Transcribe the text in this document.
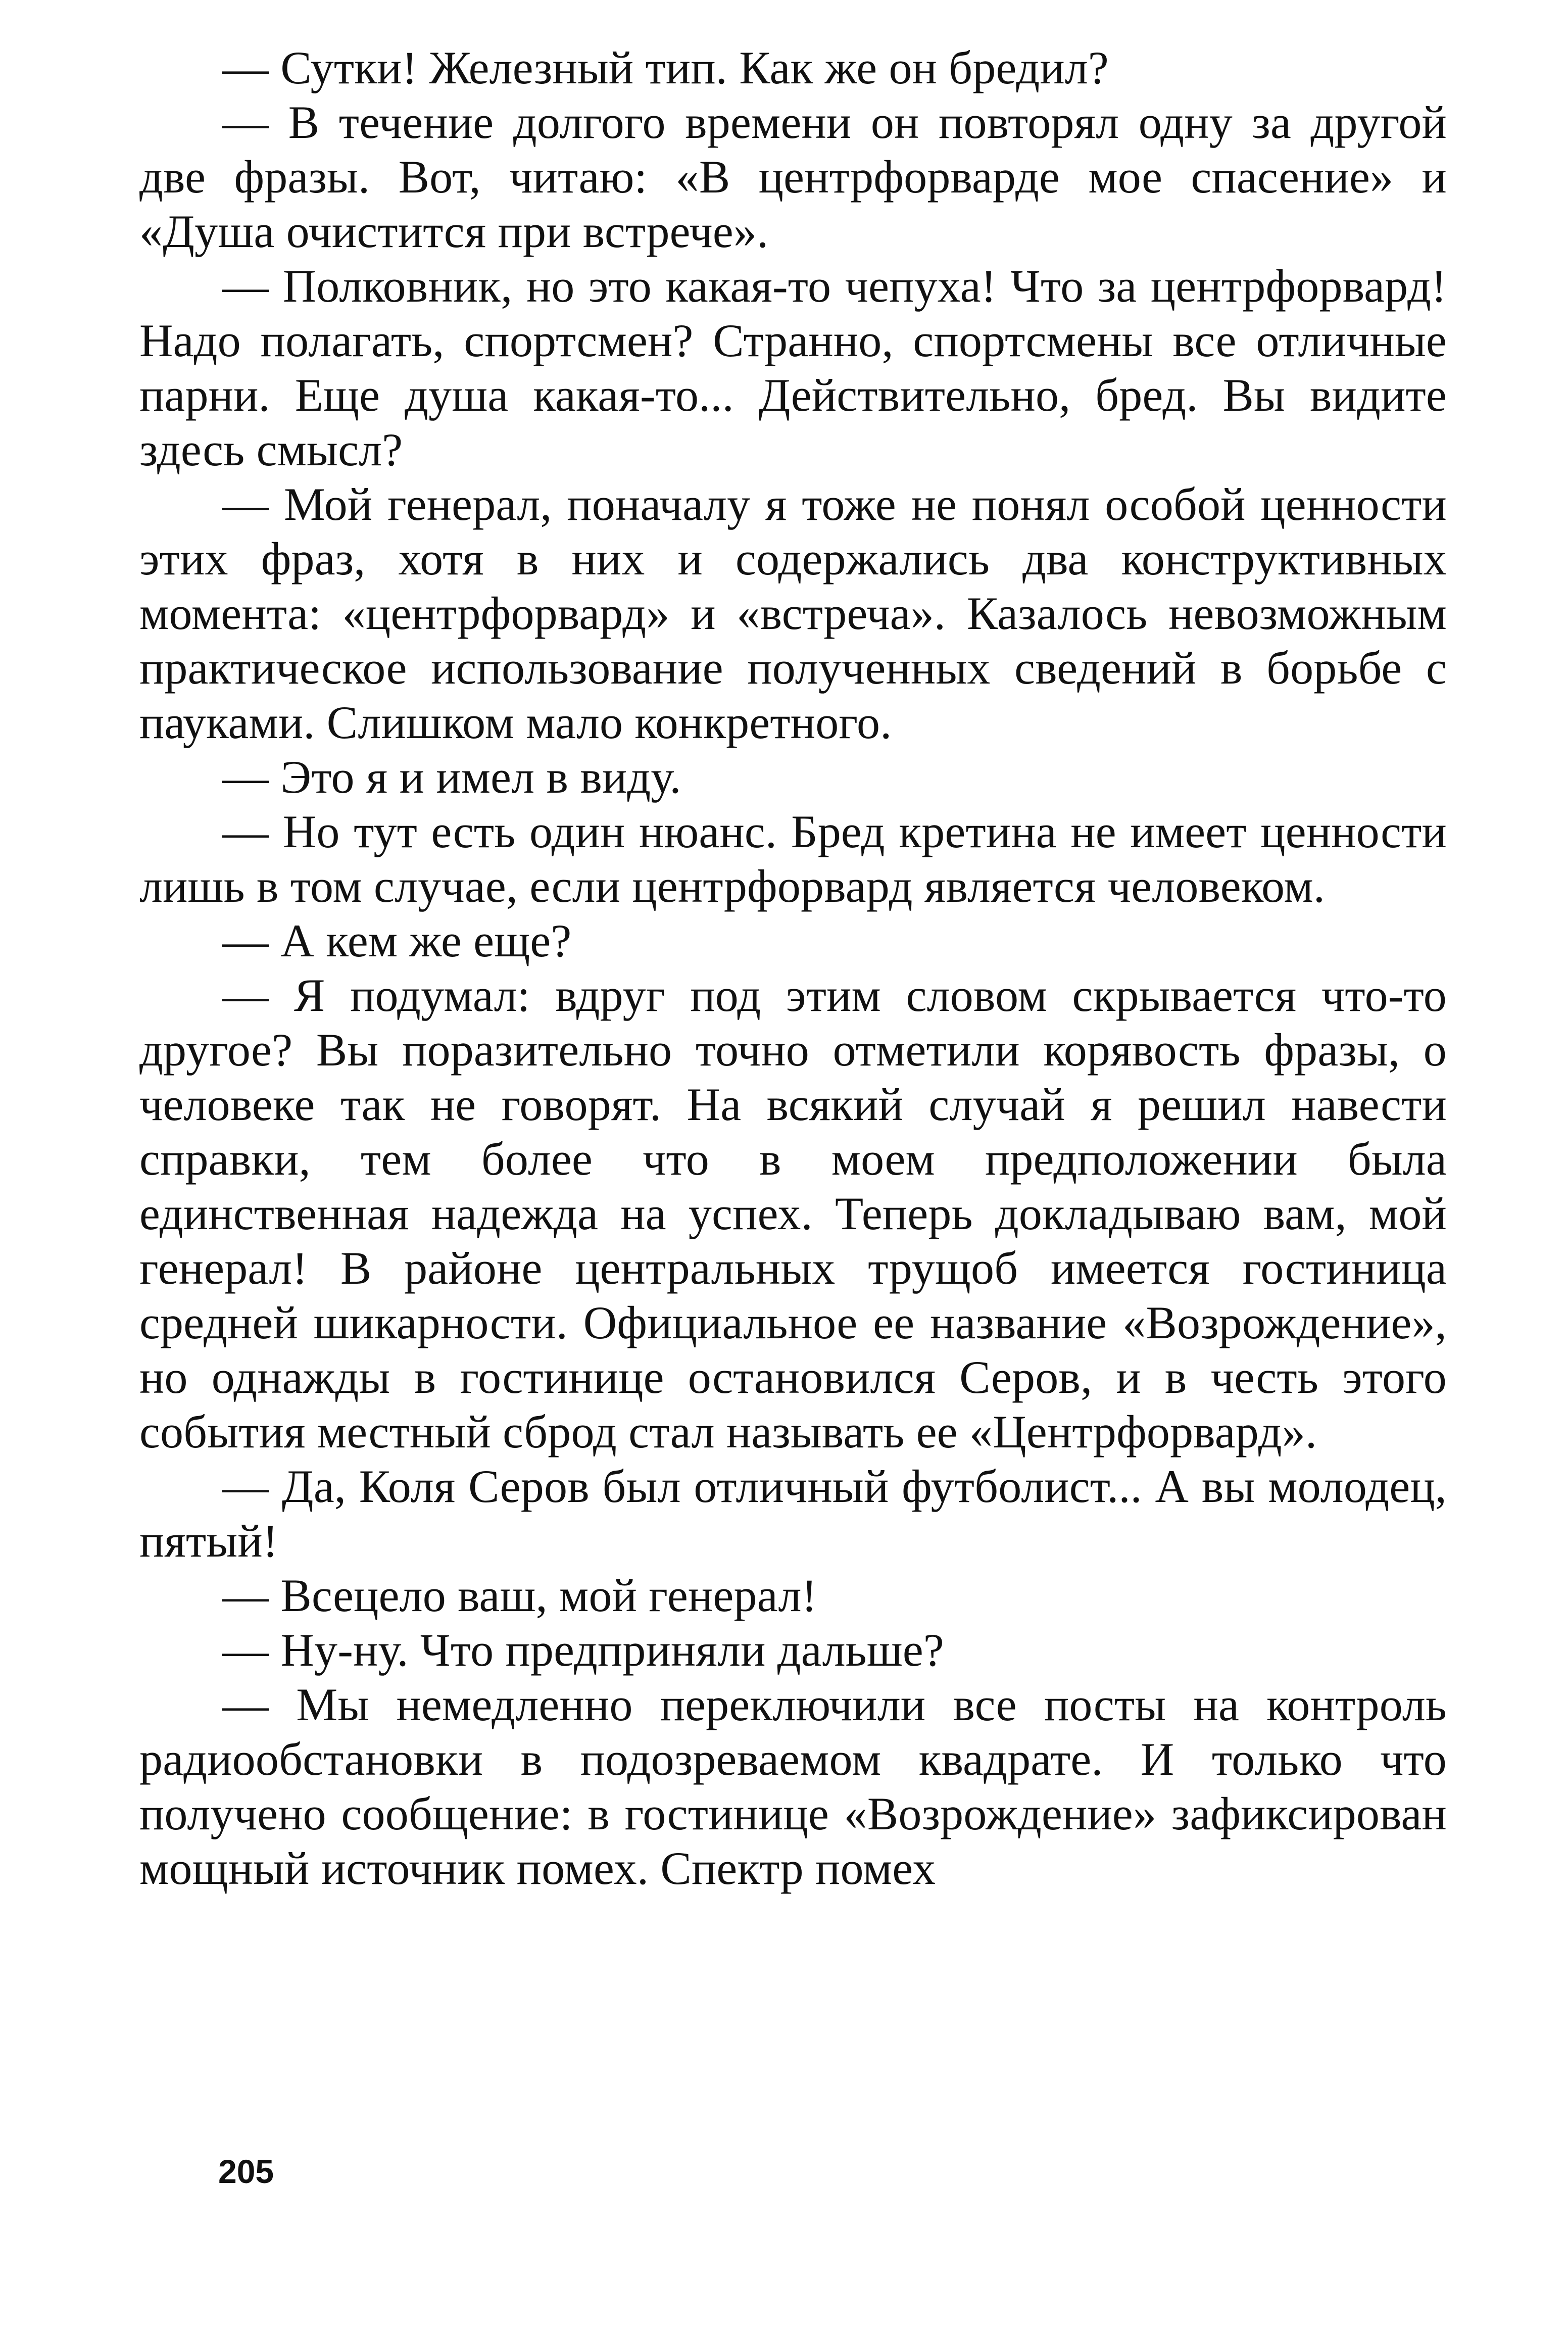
— Сутки! Железный тип. Как же он бредил?

— В течение долгого времени он повторял одну за другой две фразы. Вот, читаю: «В центрфорварде мое спасение» и «Душа очистится при встрече».

— Полковник, но это какая-то чепуха! Что за центрфорвард! Надо полагать, спортсмен? Странно, спортсмены все отличные парни. Еще душа какая-то... Действительно, бред. Вы видите здесь смысл?

— Мой генерал, поначалу я тоже не понял особой ценности этих фраз, хотя в них и содержались два конструктивных момента: «центрфорвард» и «встреча». Казалось невозможным практическое использование полученных сведений в борьбе с пауками. Слишком мало конкретного.

— Это я и имел в виду.

— Но тут есть один нюанс. Бред кретина не имеет ценности лишь в том случае, если центрфорвард является человеком.

— А кем же еще?

— Я подумал: вдруг под этим словом скрывается что-то другое? Вы поразительно точно отметили корявость фразы, о человеке так не говорят. На всякий случай я решил навести справки, тем более что в моем предположении была единственная надежда на успех. Теперь докладываю вам, мой генерал! В районе центральных трущоб имеется гостиница средней шикарности. Официальное ее название «Возрождение», но однажды в гостинице остановился Серов, и в честь этого события местный сброд стал называть ее «Центрфорвард».

— Да, Коля Серов был отличный футболист... А вы молодец, пятый!

— Всецело ваш, мой генерал!

— Ну-ну. Что предприняли дальше?

— Мы немедленно переключили все посты на контроль радиообстановки в подозреваемом квадрате. И только что получено сообщение: в гостинице «Возрождение» зафиксирован мощный источник помех. Спектр помех

205
